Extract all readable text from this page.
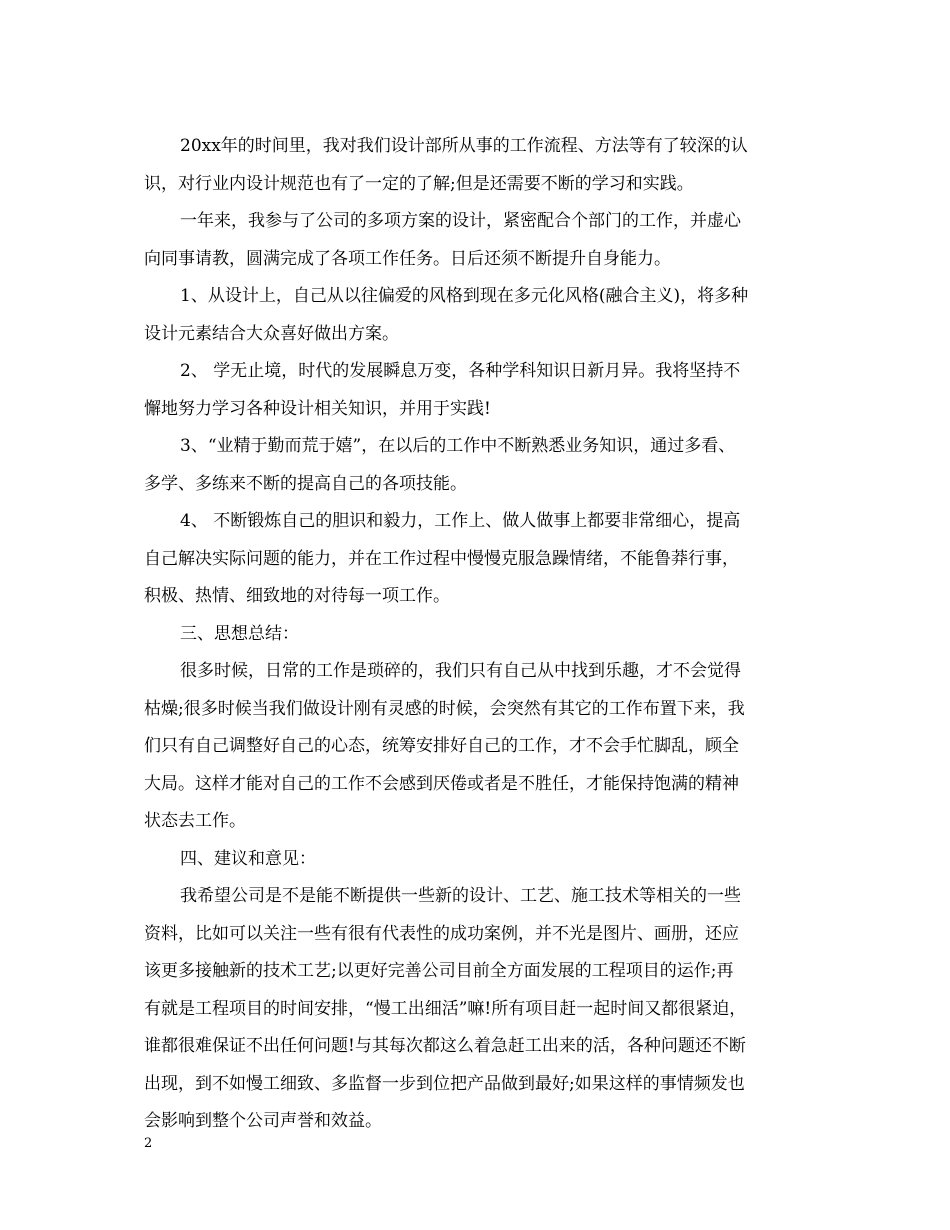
20xx年的时间里，我对我们设计部所从事的工作流程、方法等有了较深的认
识，对行业内设计规范也有了一定的了解;但是还需要不断的学习和实践。
一年来，我参与了公司的多项方案的设计，紧密配合个部门的工作，并虚心
向同事请教，圆满完成了各项工作任务。日后还须不断提升自身能力。
1、从设计上，自己从以往偏爱的风格到现在多元化风格(融合主义)，将多种
设计元素结合大众喜好做出方案。
2、 学无止境，时代的发展瞬息万变，各种学科知识日新月异。我将坚持不
懈地努力学习各种设计相关知识，并用于实践!
3、“业精于勤而荒于嬉”，在以后的工作中不断熟悉业务知识，通过多看、
多学、多练来不断的提高自己的各项技能。
4、 不断锻炼自己的胆识和毅力，工作上、做人做事上都要非常细心，提高
自己解决实际问题的能力，并在工作过程中慢慢克服急躁情绪，不能鲁莽行事，
积极、热情、细致地的对待每一项工作。
三、思想总结：
很多时候，日常的工作是琐碎的，我们只有自己从中找到乐趣，才不会觉得
枯燥;很多时候当我们做设计刚有灵感的时候，会突然有其它的工作布置下来，我
们只有自己调整好自己的心态，统筹安排好自己的工作，才不会手忙脚乱，顾全
大局。这样才能对自己的工作不会感到厌倦或者是不胜任，才能保持饱满的精神
状态去工作。
四、建议和意见：
我希望公司是不是能不断提供一些新的设计、工艺、施工技术等相关的一些
资料，比如可以关注一些有很有代表性的成功案例，并不光是图片、画册，还应
该更多接触新的技术工艺;以更好完善公司目前全方面发展的工程项目的运作;再
有就是工程项目的时间安排，“慢工出细活”嘛!所有项目赶一起时间又都很紧迫，
谁都很难保证不出任何问题!与其每次都这么着急赶工出来的活，各种问题还不断
出现，到不如慢工细致、多监督一步到位把产品做到最好;如果这样的事情频发也
会影响到整个公司声誉和效益。
2
